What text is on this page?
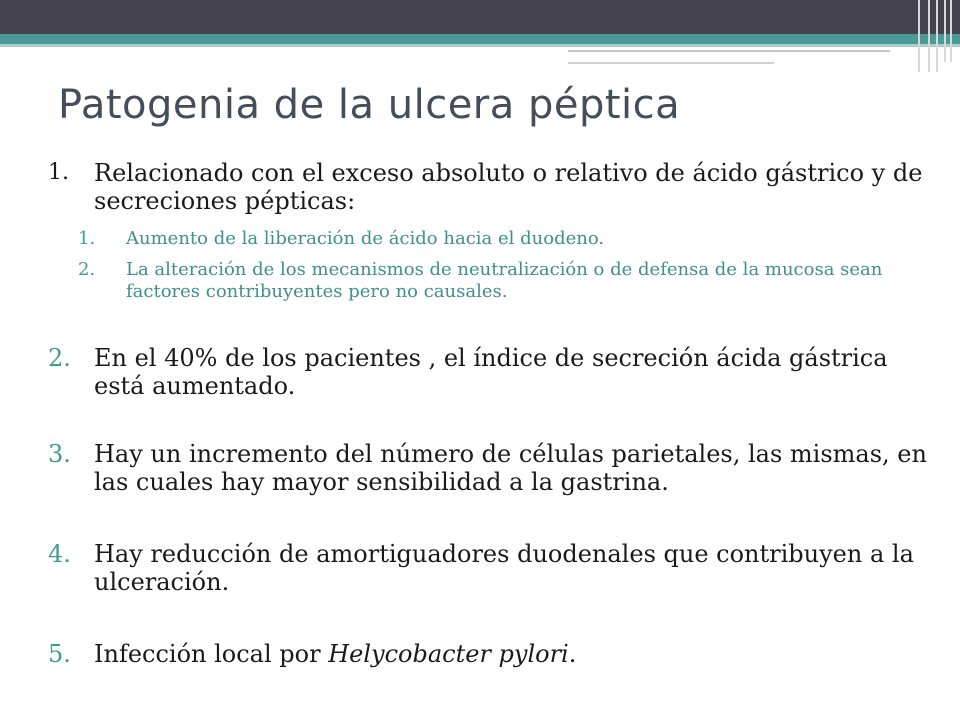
Patogenia de la ulcera péptica
1. Relacionado con el exceso absoluto o relativo de ácido gástrico y de secreciones pépticas:
1. Aumento de la liberación de ácido hacia el duodeno.
2. La alteración de los mecanismos de neutralización o de defensa de la mucosa sean factores contribuyentes pero no causales.
2. En el 40% de los pacientes , el índice de secreción ácida gástrica está aumentado.
3. Hay un incremento del número de células parietales, las mismas, en las cuales hay mayor sensibilidad a la gastrina.
4. Hay reducción de amortiguadores duodenales que contribuyen a la ulceración.
5. Infección local por Helycobacter pylori.
